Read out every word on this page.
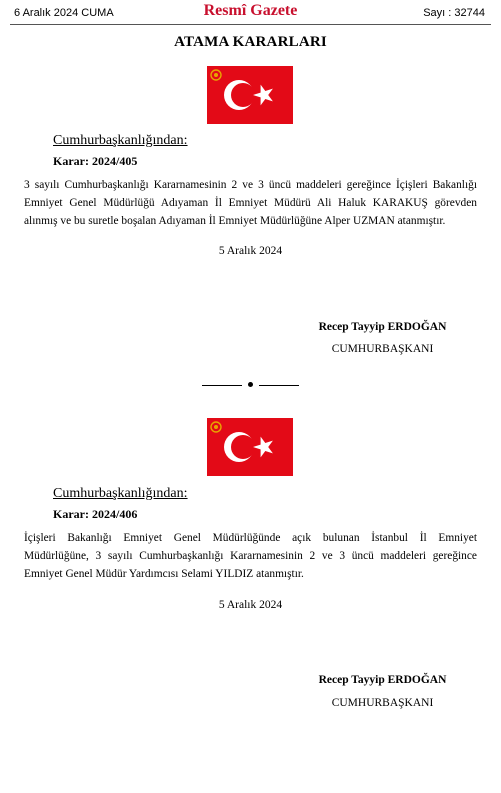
6 Aralık 2024 CUMA	Resmî Gazete	Sayı : 32744
ATAMA KARARLARI
Cumhurbaşkanlığından:
Karar: 2024/405
3 sayılı Cumhurbaşkanlığı Kararnamesinin 2 ve 3 üncü maddeleri gereğince İçişleri Bakanlığı
Emniyet Genel Müdürlüğü Adıyaman İl Emniyet Müdürü Ali Haluk KARAKUŞ görevden
alınmış ve bu suretle boşalan Adıyaman İl Emniyet Müdürlüğüne Alper UZMAN atanmıştır.
5 Aralık 2024
Recep Tayyip ERDOĞAN
CUMHURBAŞKANI
Cumhurbaşkanlığından:
Karar: 2024/406
İçişleri Bakanlığı Emniyet Genel Müdürlüğünde açık bulunan İstanbul İl Emniyet
Müdürlüğüne, 3 sayılı Cumhurbaşkanlığı Kararnamesinin 2 ve 3 üncü maddeleri gereğince
Emniyet Genel Müdür Yardımcısı Selami YILDIZ atanmıştır.
5 Aralık 2024
Recep Tayyip ERDOĞAN
CUMHURBAŞKANI
